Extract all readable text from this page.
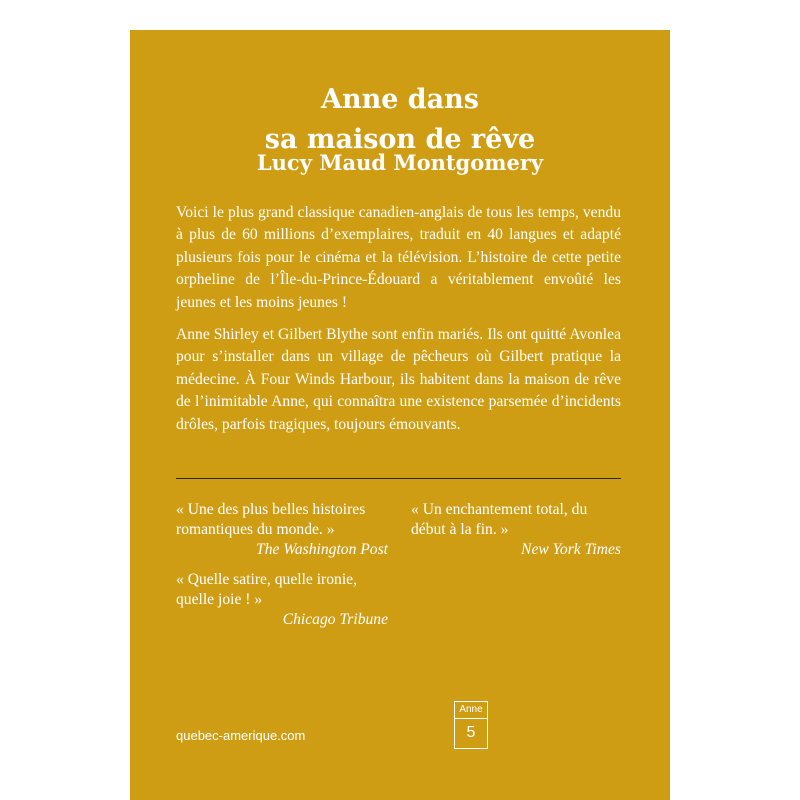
Anne dans
sa maison de rêve
Lucy Maud Montgomery

Voici le plus grand classique canadien-anglais de tous les temps, vendu à plus de 60 millions d’exemplaires, traduit en 40 langues et adapté plusieurs fois pour le cinéma et la télévision. L’histoire de cette petite orpheline de l’Île-du-Prince-Édouard a véritablement envoûté les jeunes et les moins jeunes !

Anne Shirley et Gilbert Blythe sont enfin mariés. Ils ont quitté Avonlea pour s’installer dans un village de pêcheurs où Gilbert pratique la médecine. À Four Winds Harbour, ils habitent dans la maison de rêve de l’inimitable Anne, qui connaîtra une existence parsemée d’incidents drôles, parfois tragiques, toujours émouvants.

« Une des plus belles histoires
romantiques du monde. »
The Washington Post
« Un enchantement total, du
début à la fin. »
New York Times
« Quelle satire, quelle ironie,
quelle joie ! »
Chicago Tribune
Anne
5
quebec-amerique.com
